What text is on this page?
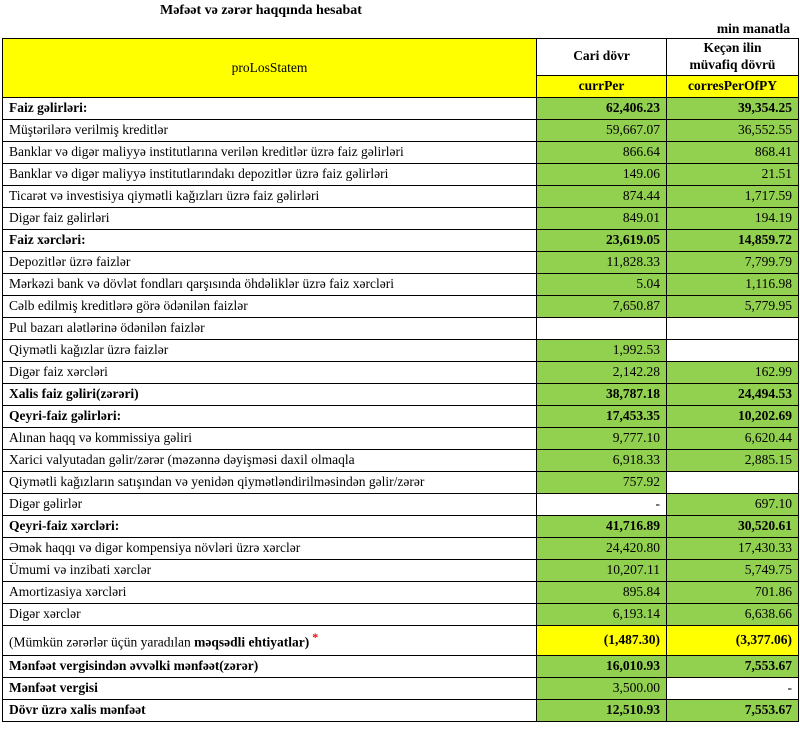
Məfəət və zərər haqqında hesabat
min manatla
proLosStatem	Cari dövr	Keçən ilin
müvafiq dövrü
	currPer	corresPerOfPY
Faiz gəlirləri:	62,406.23	39,354.25
Müştərilərə verilmiş kreditlər	59,667.07	36,552.55
Banklar və digər maliyyə institutlarına verilən kreditlər üzrə faiz gəlirləri	866.64	868.41
Banklar və digər maliyyə institutlarındakı depozitlər üzrə faiz gəlirləri	149.06	21.51
Ticarət və investisiya qiymətli kağızları üzrə faiz gəlirləri	874.44	1,717.59
Digər faiz gəlirləri	849.01	194.19
Faiz xərcləri:	23,619.05	14,859.72
Depozitlər üzrə faizlər	11,828.33	7,799.79
Mərkəzi bank və dövlət fondları qarşısında öhdəliklər üzrə faiz xərcləri	5.04	1,116.98
Cəlb edilmiş kreditlərə görə ödənilən faizlər	7,650.87	5,779.95
Pul bazarı alətlərinə ödənilən faizlər		
Qiymətli kağızlar üzrə faizlər	1,992.53	
Digər faiz xərcləri	2,142.28	162.99
Xalis faiz gəliri(zərəri)	38,787.18	24,494.53
Qeyri-faiz gəlirləri:	17,453.35	10,202.69
Alınan haqq və kommissiya gəliri	9,777.10	6,620.44
Xarici valyutadan gəlir/zərər (məzənnə dəyişməsi daxil olmaqla	6,918.33	2,885.15
Qiymətli kağızların satışından və yenidən qiymətləndirilməsindən gəlir/zərər	757.92	
Digər gəlirlər	-	697.10
Qeyri-faiz xərcləri:	41,716.89	30,520.61
Əmək haqqı və digər kompensiya növləri üzrə xərclər	24,420.80	17,430.33
Ümumi və inzibati xərclər	10,207.11	5,749.75
Amortizasiya xərcləri	895.84	701.86
Digər xərclər	6,193.14	6,638.66
(Mümkün zərərlər üçün yaradılan məqsədli ehtiyatlar) *	(1,487.30)	(3,377.06)
Mənfəət vergisindən əvvəlki mənfəət(zərər)	16,010.93	7,553.67
Mənfəət vergisi	3,500.00	-
Dövr üzrə xalis mənfəət	12,510.93	7,553.67
